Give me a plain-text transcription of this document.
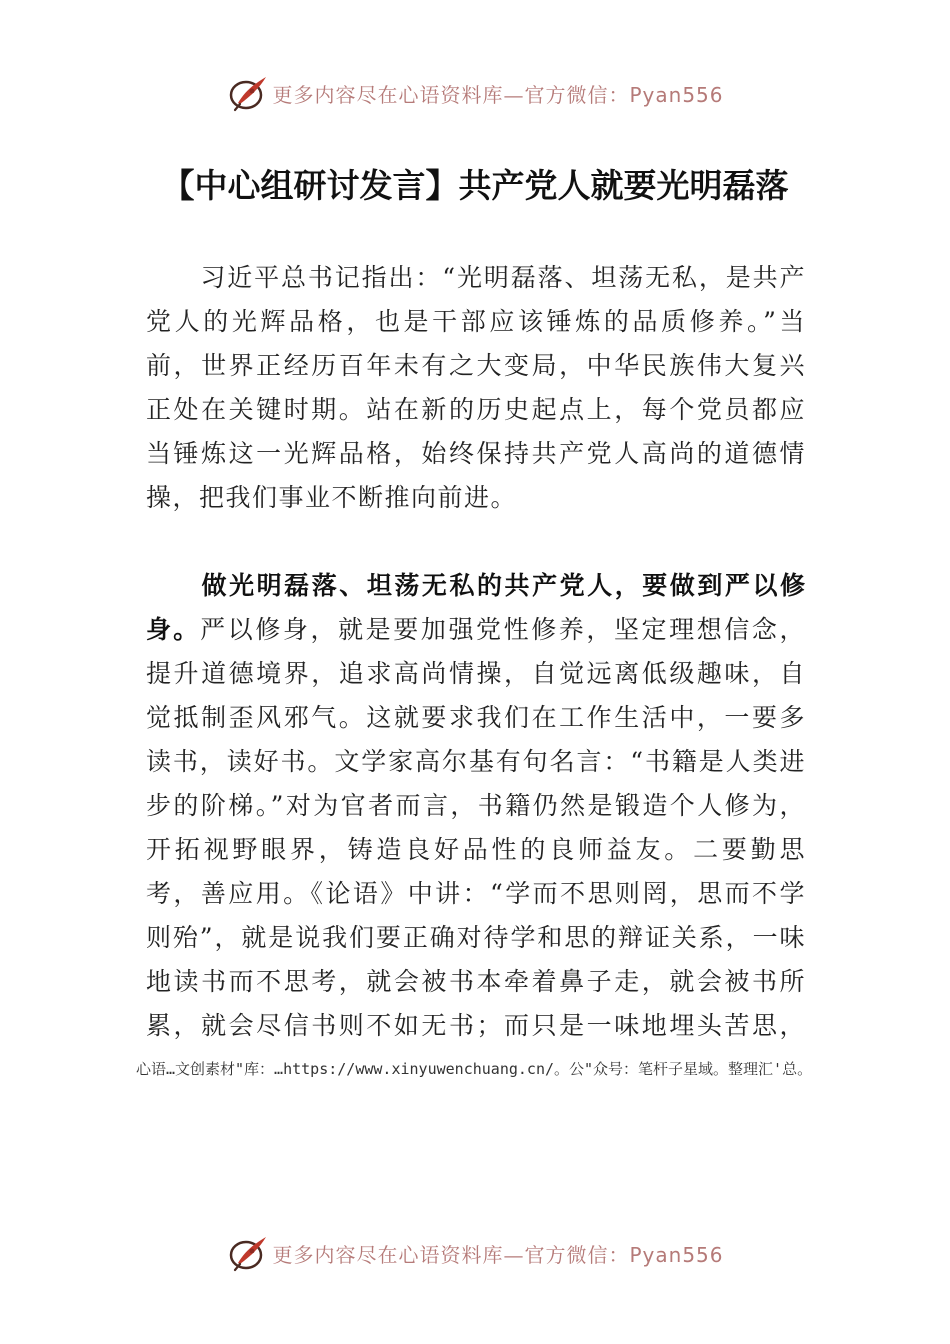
更多内容尽在心语资料库—官方微信：Pyan556
【中心组研讨发言】共产党人就要光明磊落

习近平总书记指出：“光明磊落、坦荡无私，是共产党人的光辉品格，也是干部应该锤炼的品质修养。”当前，世界正经历百年未有之大变局，中华民族伟大复兴正处在关键时期。站在新的历史起点上，每个党员都应当锤炼这一光辉品格，始终保持共产党人高尚的道德情操，把我们事业不断推向前进。

做光明磊落、坦荡无私的共产党人，要做到严以修身。严以修身，就是要加强党性修养，坚定理想信念，提升道德境界，追求高尚情操，自觉远离低级趣味，自觉抵制歪风邪气。这就要求我们在工作生活中，一要多读书，读好书。文学家高尔基有句名言：“书籍是人类进步的阶梯。”对为官者而言，书籍仍然是锻造个人修为，开拓视野眼界，铸造良好品性的良师益友。二要勤思考，善应用。《论语》中讲：“学而不思则罔，思而不学则殆”，就是说我们要正确对待学和思的辩证关系，一味地读书而不思考，就会被书本牵着鼻子走，就会被书所累，就会尽信书则不如无书；而只是一味地埋头苦思，

心语…文创素材"库：…https://www.xinyuwenchuang.cn/。公"众号：笔杆子星域。整理汇'总。

更多内容尽在心语资料库—官方微信：Pyan556
